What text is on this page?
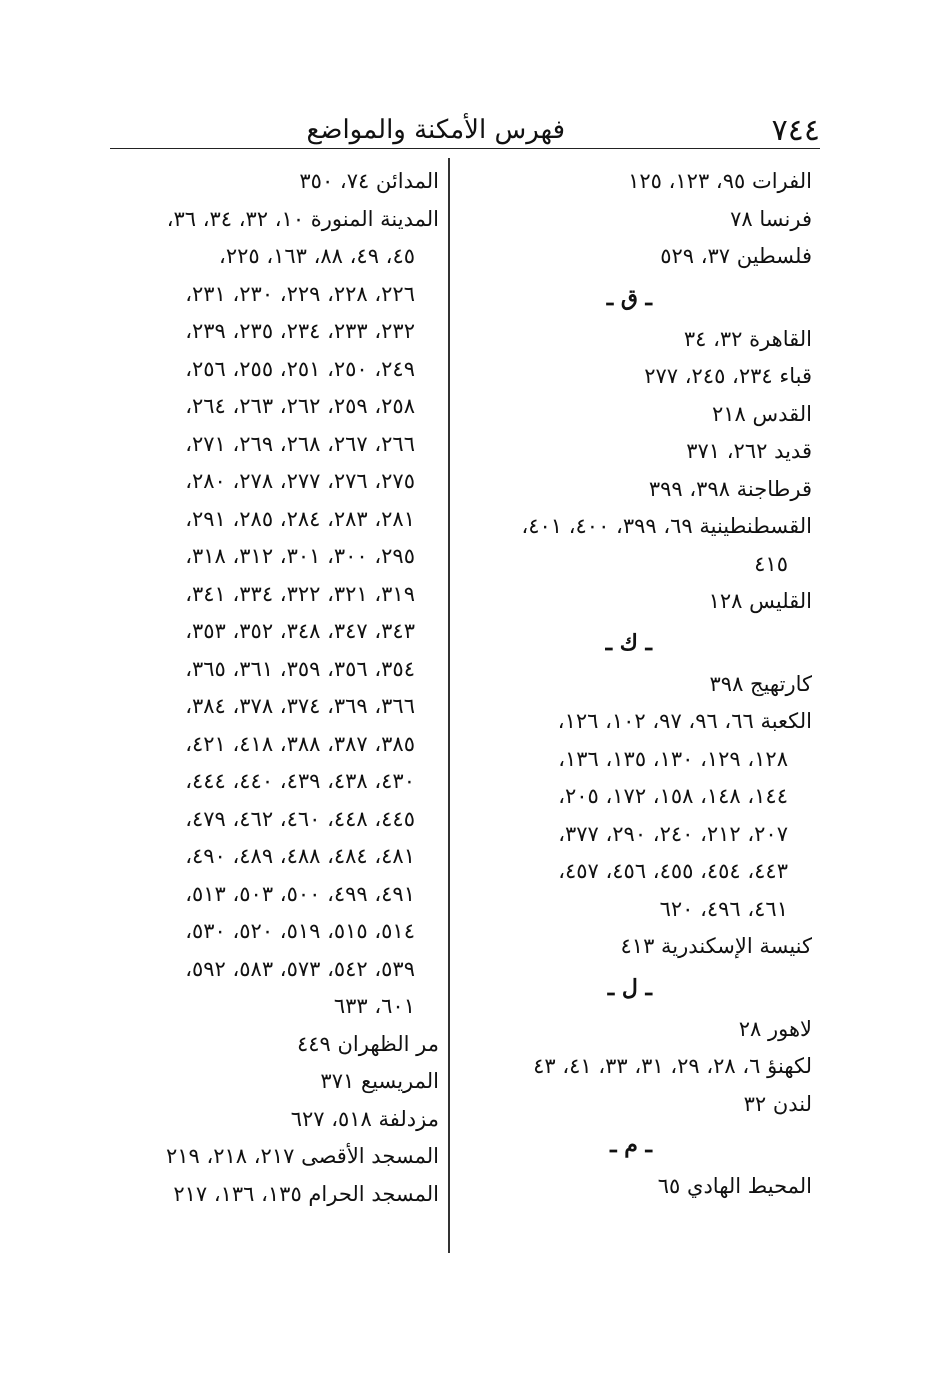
٧٤٤
فهرس الأمكنة والمواضع
الفرات ٩٥، ١٢٣، ١٢٥
فرنسا ٧٨
فلسطين ٣٧، ٥٢٩
ـ ق ـ
القاهرة ٣٢، ٣٤
قباء ٢٣٤، ٢٤٥، ٢٧٧
القدس ٢١٨
قديد ٢٦٢، ٣٧١
قرطاجنة ٣٩٨، ٣٩٩
القسطنطينية ٦٩، ٣٩٩، ٤٠٠، ٤٠١،
٤١٥
القليس ١٢٨
ـ ك ـ
كارتهيج ٣٩٨
الكعبة ٦٦، ٩٦، ٩٧، ١٠٢، ١٢٦،
١٢٨، ١٢٩، ١٣٠، ١٣٥، ١٣٦،
١٤٤، ١٤٨، ١٥٨، ١٧٢، ٢٠٥،
٢٠٧، ٢١٢، ٢٤٠، ٢٩٠، ٣٧٧،
٤٤٣، ٤٥٤، ٤٥٥، ٤٥٦، ٤٥٧،
٤٦١، ٤٩٦، ٦٢٠
كنيسة الإسكندرية ٤١٣
ـ ل ـ
لاهور ٢٨
لكهنؤ ٦، ٢٨، ٢٩، ٣١، ٣٣، ٤١، ٤٣
لندن ٣٢
ـ م ـ
المحيط الهادي ٦٥
المدائن ٧٤، ٣٥٠
المدينة المنورة ١٠، ٣٢، ٣٤، ٣٦،
٤٥، ٤٩، ٨٨، ١٦٣، ٢٢٥،
٢٢٦، ٢٢٨، ٢٢٩، ٢٣٠، ٢٣١،
٢٣٢، ٢٣٣، ٢٣٤، ٢٣٥، ٢٣٩،
٢٤٩، ٢٥٠، ٢٥١، ٢٥٥، ٢٥٦،
٢٥٨، ٢٥٩، ٢٦٢، ٢٦٣، ٢٦٤،
٢٦٦، ٢٦٧، ٢٦٨، ٢٦٩، ٢٧١،
٢٧٥، ٢٧٦، ٢٧٧، ٢٧٨، ٢٨٠،
٢٨١، ٢٨٣، ٢٨٤، ٢٨٥، ٢٩١،
٢٩٥، ٣٠٠، ٣٠١، ٣١٢، ٣١٨،
٣١٩، ٣٢١، ٣٢٢، ٣٣٤، ٣٤١،
٣٤٣، ٣٤٧، ٣٤٨، ٣٥٢، ٣٥٣،
٣٥٤، ٣٥٦، ٣٥٩، ٣٦١، ٣٦٥،
٣٦٦، ٣٦٩، ٣٧٤، ٣٧٨، ٣٨٤،
٣٨٥، ٣٨٧، ٣٨٨، ٤١٨، ٤٢١،
٤٣٠، ٤٣٨، ٤٣٩، ٤٤٠، ٤٤٤،
٤٤٥، ٤٤٨، ٤٦٠، ٤٦٢، ٤٧٩،
٤٨١، ٤٨٤، ٤٨٨، ٤٨٩، ٤٩٠،
٤٩١، ٤٩٩، ٥٠٠، ٥٠٣، ٥١٣،
٥١٤، ٥١٥، ٥١٩، ٥٢٠، ٥٣٠،
٥٣٩، ٥٤٢، ٥٧٣، ٥٨٣، ٥٩٢،
٦٠١، ٦٣٣
مر الظهران ٤٤٩
المريسيع ٣٧١
مزدلفة ٥١٨، ٦٢٧
المسجد الأقصى ٢١٧، ٢١٨، ٢١٩
المسجد الحرام ١٣٥، ١٣٦، ٢١٧
